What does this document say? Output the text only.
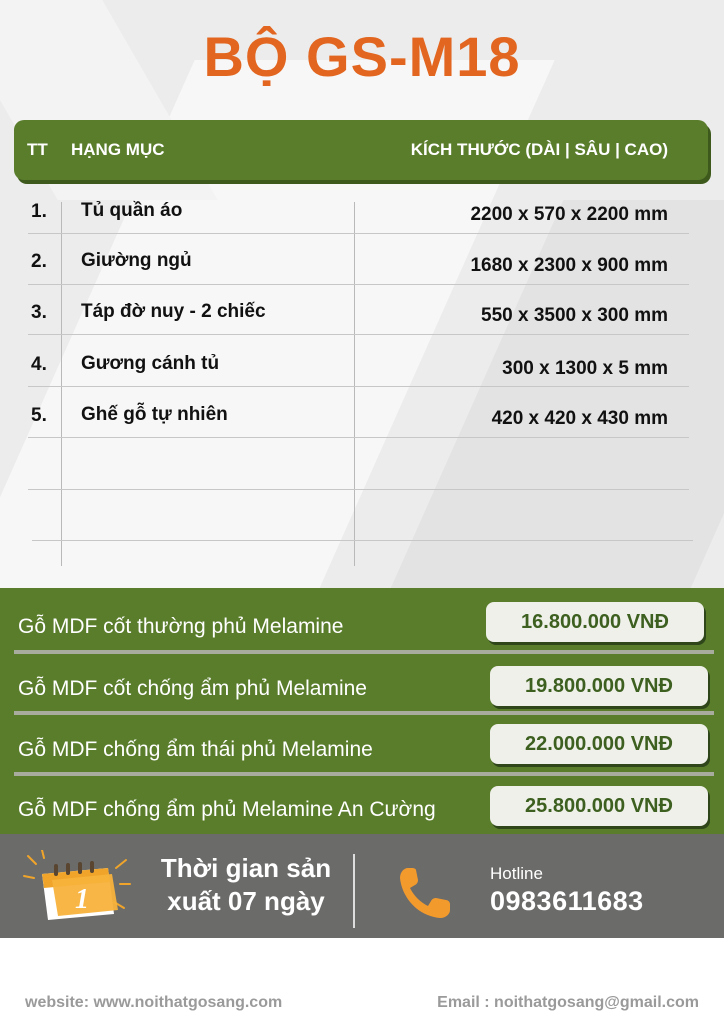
BỘ GS-M18
TT HẠNG MỤC	KÍCH THƯỚC (DÀI | SÂU | CAO)
1. Tủ quần áo	2200 x 570 x 2200 mm
2. Giường ngủ	1680 x 2300 x 900 mm
3. Táp đờ nuy - 2 chiếc	550 x 3500 x 300 mm
4. Gương cánh tủ	300 x 1300 x 5 mm
5. Ghế gỗ tự nhiên	420 x 420 x 430 mm
Gỗ MDF cốt thường phủ Melamine	16.800.000 VNĐ
Gỗ MDF cốt chống ẩm phủ Melamine	19.800.000 VNĐ
Gỗ MDF chống ẩm thái phủ Melamine	22.000.000 VNĐ
Gỗ MDF chống ẩm phủ Melamine An Cường	25.800.000 VNĐ
1
Thời gian sản
xuất 07 ngày
Hotline
0983611683
website: www.noithatgosang.com	Email : noithatgosang@gmail.com
